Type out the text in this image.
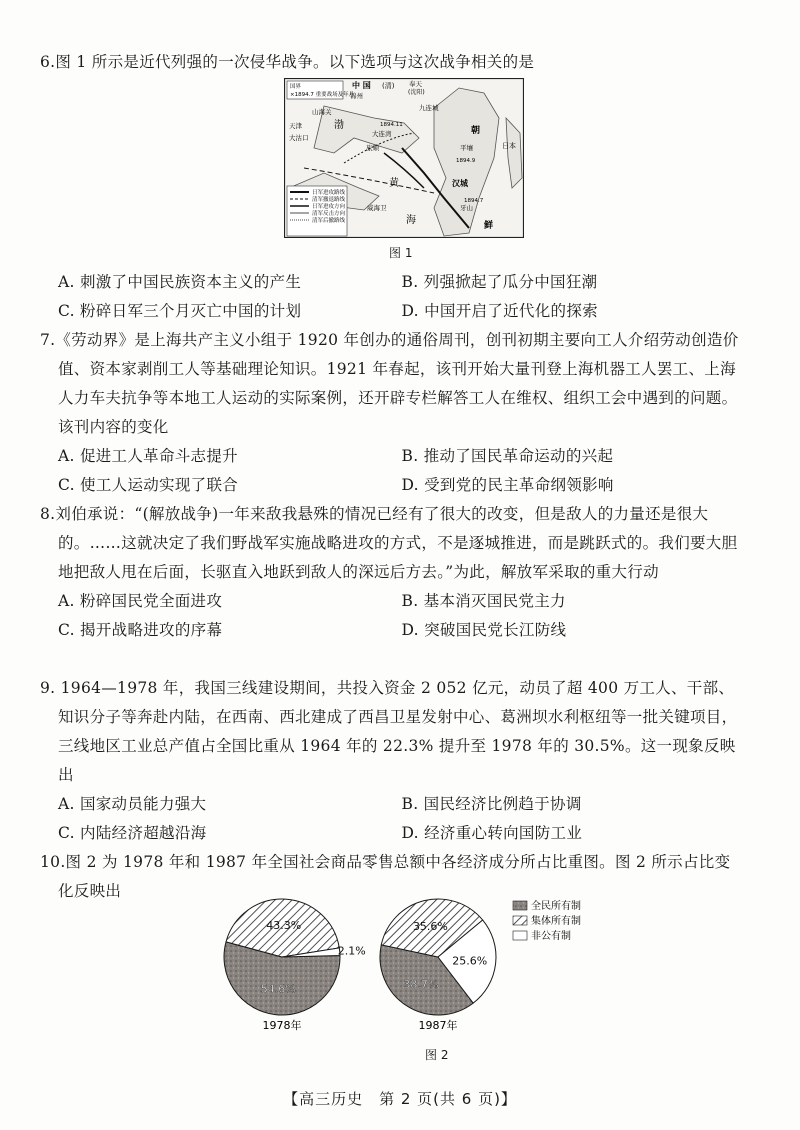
6.图 1 所示是近代列强的一次侵华战争。以下选项与这次战争相关的是
国界
×1894.7 重要战场及年月
日军进攻路线
清军撤退路线
日军进攻方向
清军反击方向
清军后撤路线
中 国 (清) 奉天
(沈阳)
锦州
山海关
天津
大沽口
九连城
大连湾
旅顺
威海卫
平壤
汉城
朝
鲜
日本
渤
黄
海
牙山
1894.11
1894.9
1894.7
图 1
A. 刺激了中国民族资本主义的产生	B. 列强掀起了瓜分中国狂潮
C. 粉碎日军三个月灭亡中国的计划	D. 中国开启了近代化的探索
7.《劳动界》是上海共产主义小组于 1920 年创办的通俗周刊，创刊初期主要向工人介绍劳动创造价值、资本家剥削工人等基础理论知识。1921 年春起，该刊开始大量刊登上海机器工人罢工、上海人力车夫抗争等本地工人运动的实际案例，还开辟专栏解答工人在维权、组织工会中遇到的问题。该刊内容的变化
A. 促进工人革命斗志提升	B. 推动了国民革命运动的兴起
C. 使工人运动实现了联合	D. 受到党的民主革命纲领影响
8.刘伯承说：“(解放战争)一年来敌我悬殊的情况已经有了很大的改变，但是敌人的力量还是很大的。……这就决定了我们野战军实施战略进攻的方式，不是逐城推进，而是跳跃式的。我们要大胆地把敌人甩在后面，长驱直入地跃到敌人的深远后方去。”为此，解放军采取的重大行动
A. 粉碎国民党全面进攻	B. 基本消灭国民党主力
C. 揭开战略进攻的序幕	D. 突破国民党长江防线
9. 1964—1978 年，我国三线建设期间，共投入资金 2 052 亿元，动员了超 400 万工人、干部、知识分子等奔赴内陆，在西南、西北建成了西昌卫星发射中心、葛洲坝水利枢纽等一批关键项目，三线地区工业总产值占全国比重从 1964 年的 22.3% 提升至 1978 年的 30.5%。这一现象反映出
A. 国家动员能力强大	B. 国民经济比例趋于协调
C. 内陆经济超越沿海	D. 经济重心转向国防工业
10.图 2 为 1978 年和 1987 年全国社会商品零售总额中各经济成分所占比重图。图 2 所示占比变化反映出
54.6%
43.3%
2.1%
1978年
38.7%
35.6%
25.6%
1987年
全民所有制
集体所有制
非公有制
图 2
【高三历史　第 2 页(共 6 页)】
